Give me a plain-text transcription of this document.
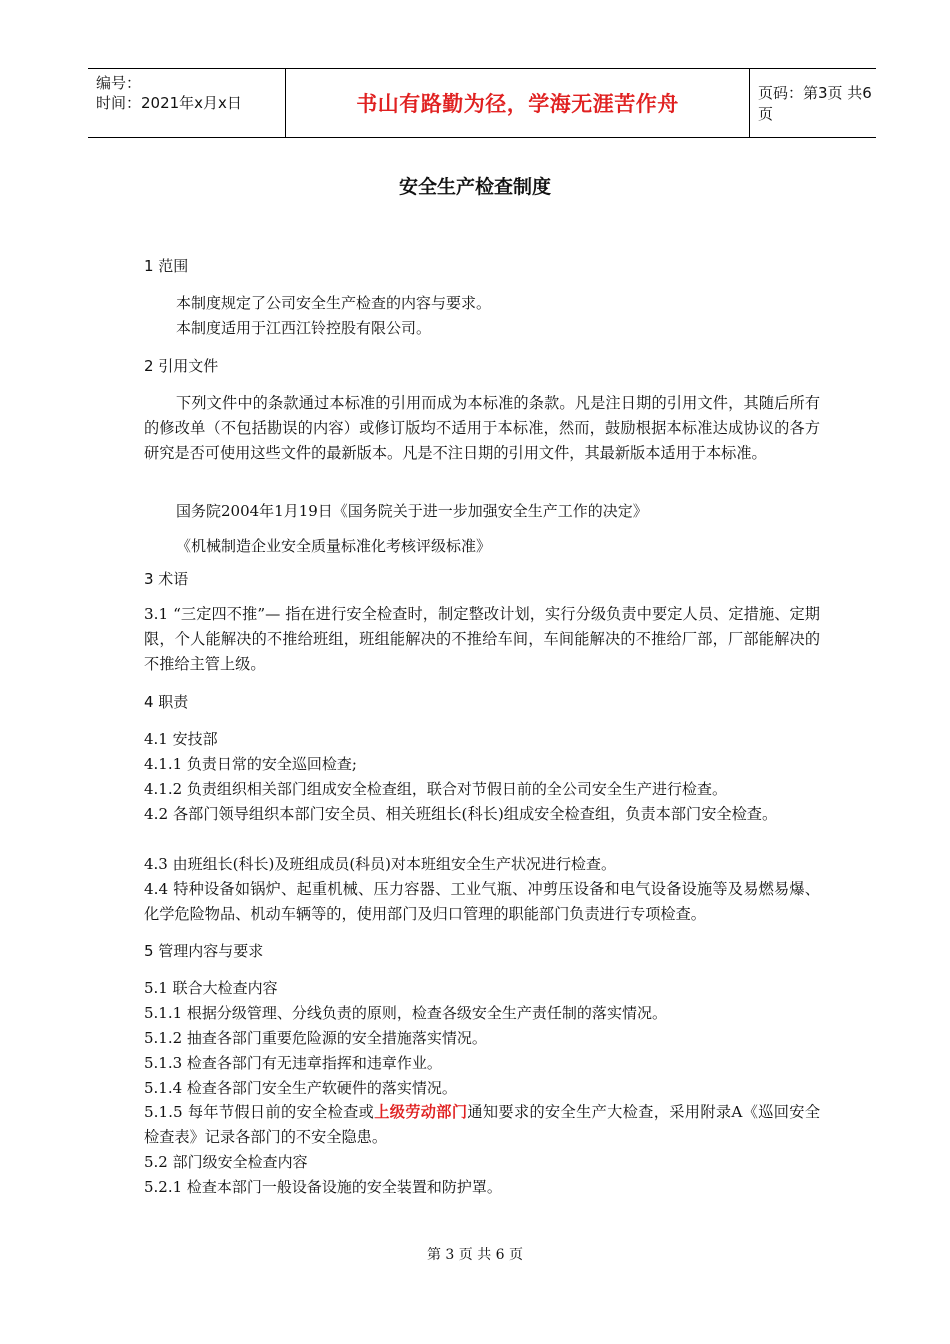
编号：
时间：2021年x月x日	书山有路勤为径，学海无涯苦作舟	页码：第3页 共6页
安全生产检查制度
1 范围
本制度规定了公司安全生产检查的内容与要求。
本制度适用于江西江铃控股有限公司。
2 引用文件
下列文件中的条款通过本标准的引用而成为本标准的条款。凡是注日期的引用文件，其随后所有的修改单（不包括勘误的内容）或修订版均不适用于本标准，然而，鼓励根据本标准达成协议的各方研究是否可使用这些文件的最新版本。凡是不注日期的引用文件，其最新版本适用于本标准。
国务院2004年1月19日《国务院关于进一步加强安全生产工作的决定》
《机械制造企业安全质量标准化考核评级标准》
3 术语
3.1 “三定四不推”— 指在进行安全检查时，制定整改计划，实行分级负责中要定人员、定措施、定期限，个人能解决的不推给班组，班组能解决的不推给车间，车间能解决的不推给厂部，厂部能解决的不推给主管上级。
4 职责
4.1 安技部
4.1.1 负责日常的安全巡回检查;
4.1.2 负责组织相关部门组成安全检查组，联合对节假日前的全公司安全生产进行检查。
4.2 各部门领导组织本部门安全员、相关班组长(科长)组成安全检查组，负责本部门安全检查。
4.3 由班组长(科长)及班组成员(科员)对本班组安全生产状况进行检查。
4.4 特种设备如锅炉、起重机械、压力容器、工业气瓶、冲剪压设备和电气设备设施等及易燃易爆、化学危险物品、机动车辆等的，使用部门及归口管理的职能部门负责进行专项检查。
5 管理内容与要求
5.1 联合大检查内容
5.1.1 根据分级管理、分线负责的原则，检查各级安全生产责任制的落实情况。
5.1.2 抽查各部门重要危险源的安全措施落实情况。
5.1.3 检查各部门有无违章指挥和违章作业。
5.1.4 检查各部门安全生产软硬件的落实情况。
5.1.5 每年节假日前的安全检查或上级劳动部门通知要求的安全生产大检查，采用附录A《巡回安全检查表》记录各部门的不安全隐患。
5.2 部门级安全检查内容
5.2.1 检查本部门一般设备设施的安全装置和防护罩。
第 3 页 共 6 页
